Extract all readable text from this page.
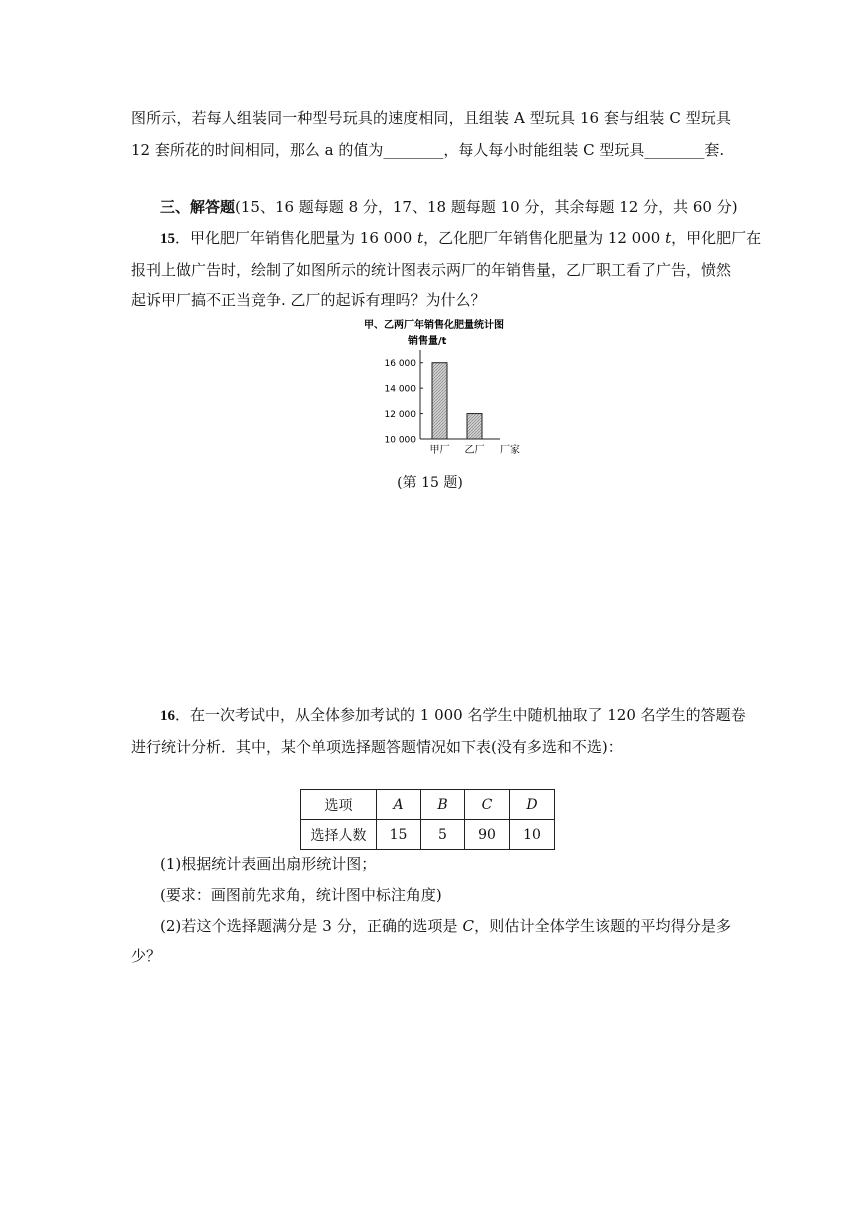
图所示，若每人组装同一种型号玩具的速度相同，且组装 A 型玩具 16 套与组装 C 型玩具
12 套所花的时间相同，那么 a 的值为________，每人每小时能组装 C 型玩具________套.
三、解答题(15、16 题每题 8 分，17、18 题每题 10 分，其余每题 12 分，共 60 分)
15．甲化肥厂年销售化肥量为 16 000 t，乙化肥厂年销售化肥量为 12 000 t，甲化肥厂在
报刊上做广告时，绘制了如图所示的统计图表示两厂的年销售量，乙厂职工看了广告，愤然
起诉甲厂搞不正当竞争. 乙厂的起诉有理吗？为什么？
甲、乙两厂年销售化肥量统计图
销售量/t
10 000
12 000
14 000
16 000
甲厂 乙厂 厂家
(第 15 题)
16．在一次考试中，从全体参加考试的 1 000 名学生中随机抽取了 120 名学生的答题卷
进行统计分析．其中，某个单项选择题答题情况如下表(没有多选和不选)：
选项	A	B	C	D
选择人数	15	5	90	10
(1)根据统计表画出扇形统计图；
(要求：画图前先求角，统计图中标注角度)
(2)若这个选择题满分是 3 分，正确的选项是 C，则估计全体学生该题的平均得分是多
少？
